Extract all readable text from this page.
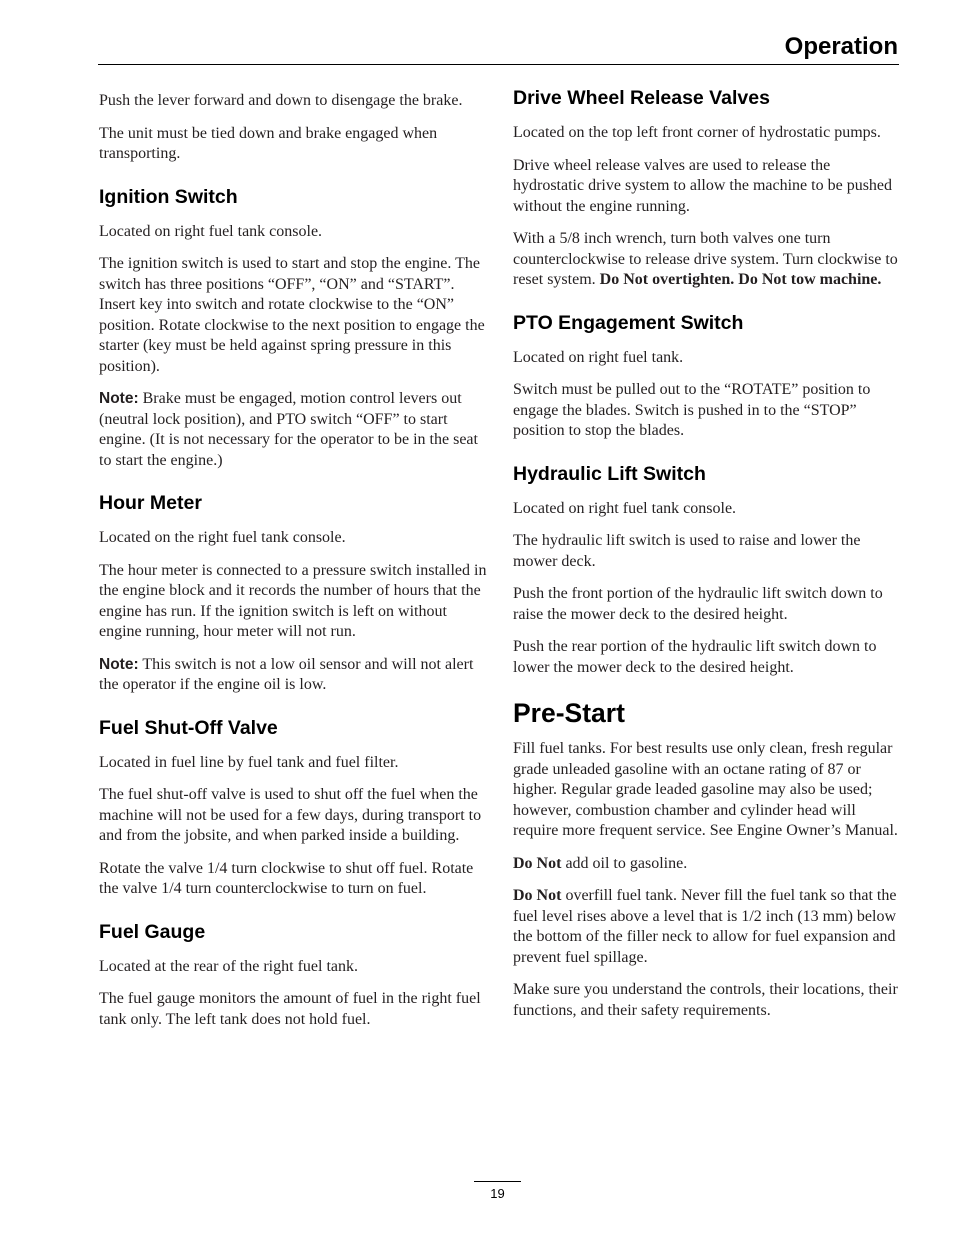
Operation

Push the lever forward and down to disengage the brake.

The unit must be tied down and brake engaged when transporting.

Ignition Switch

Located on right fuel tank console.

The ignition switch is used to start and stop the engine. The switch has three positions “OFF”, “ON” and “START”. Insert key into switch and rotate clockwise to the “ON” position. Rotate clockwise to the next position to engage the starter (key must be held against spring pressure in this position).

Note: Brake must be engaged, motion control levers out (neutral lock position), and PTO switch “OFF” to start engine. (It is not necessary for the operator to be in the seat to start the engine.)

Hour Meter

Located on the right fuel tank console.

The hour meter is connected to a pressure switch installed in the engine block and it records the number of hours that the engine has run. If the ignition switch is left on without engine running, hour meter will not run.

Note: This switch is not a low oil sensor and will not alert the operator if the engine oil is low.

Fuel Shut-Off Valve

Located in fuel line by fuel tank and fuel filter.

The fuel shut-off valve is used to shut off the fuel when the machine will not be used for a few days, during transport to and from the jobsite, and when parked inside a building.

Rotate the valve 1/4 turn clockwise to shut off fuel. Rotate the valve 1/4 turn counterclockwise to turn on fuel.

Fuel Gauge

Located at the rear of the right fuel tank.

The fuel gauge monitors the amount of fuel in the right fuel tank only. The left tank does not hold fuel.

Drive Wheel Release Valves

Located on the top left front corner of hydrostatic pumps.

Drive wheel release valves are used to release the hydrostatic drive system to allow the machine to be pushed without the engine running.

With a 5/8 inch wrench, turn both valves one turn counterclockwise to release drive system. Turn clockwise to reset system. Do Not overtighten. Do Not tow machine.

PTO Engagement Switch

Located on right fuel tank.

Switch must be pulled out to the “ROTATE” position to engage the blades. Switch is pushed in to the “STOP” position to stop the blades.

Hydraulic Lift Switch

Located on right fuel tank console.

The hydraulic lift switch is used to raise and lower the mower deck.

Push the front portion of the hydraulic lift switch down to raise the mower deck to the desired height.

Push the rear portion of the hydraulic lift switch down to lower the mower deck to the desired height.

Pre-Start

Fill fuel tanks. For best results use only clean, fresh regular grade unleaded gasoline with an octane rating of 87 or higher. Regular grade leaded gasoline may also be used; however, combustion chamber and cylinder head will require more frequent service. See Engine Owner’s Manual.

Do Not add oil to gasoline.

Do Not overfill fuel tank. Never fill the fuel tank so that the fuel level rises above a level that is 1/2 inch (13 mm) below the bottom of the filler neck to allow for fuel expansion and prevent fuel spillage.

Make sure you understand the controls, their locations, their functions, and their safety requirements.

19
